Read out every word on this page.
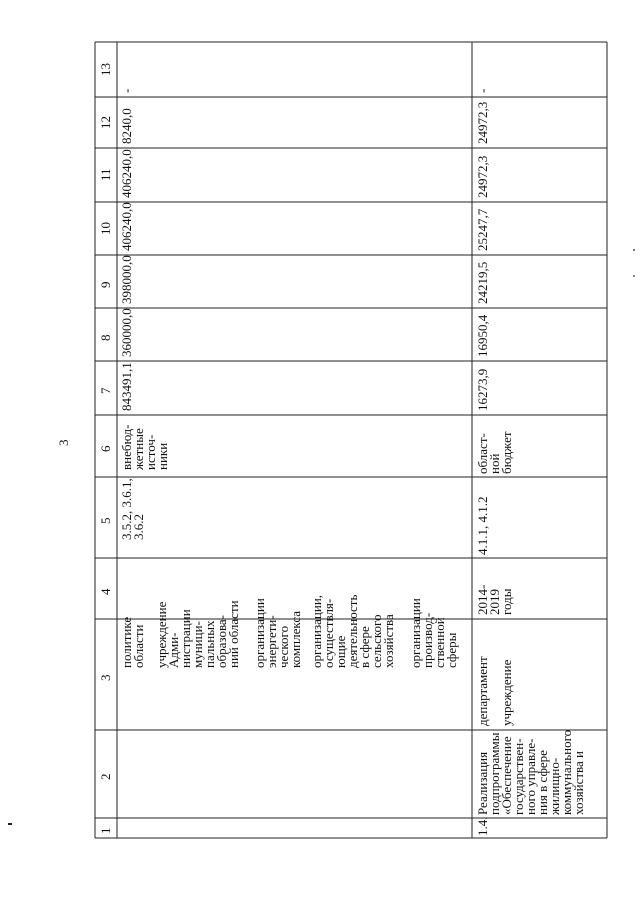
1
2
3
4
5
6
7
8
9
10
11
12
13
политике
области учреждение
Адми-
нистрации
муници-
пальных
образова-
ний области организации
энергети-
ческого
комплекса организации,
осуществля-
ющие
деятельность
в сфере
сельского
хозяйства организации
производ-
ственной
сферы
3.5.2, 3.6.1,
3.6.2
внебюд-
жетные
источ-
ники
843491,1
360000,0
398000,0
406240,0
406240,0
8240,0
-
1.4.
Реализация
подпрограммы
«Обеспечение
государствен-
ного управле-
ния в сфере
жилищно-
коммунального
хозяйства и
департамент учреждение
2014-
2019
годы
4.1.1, 4.1.2
област-
ной
бюджет
16273,9
16950,4
24219,5
25247,7
24972,3
24972,3
-
3
